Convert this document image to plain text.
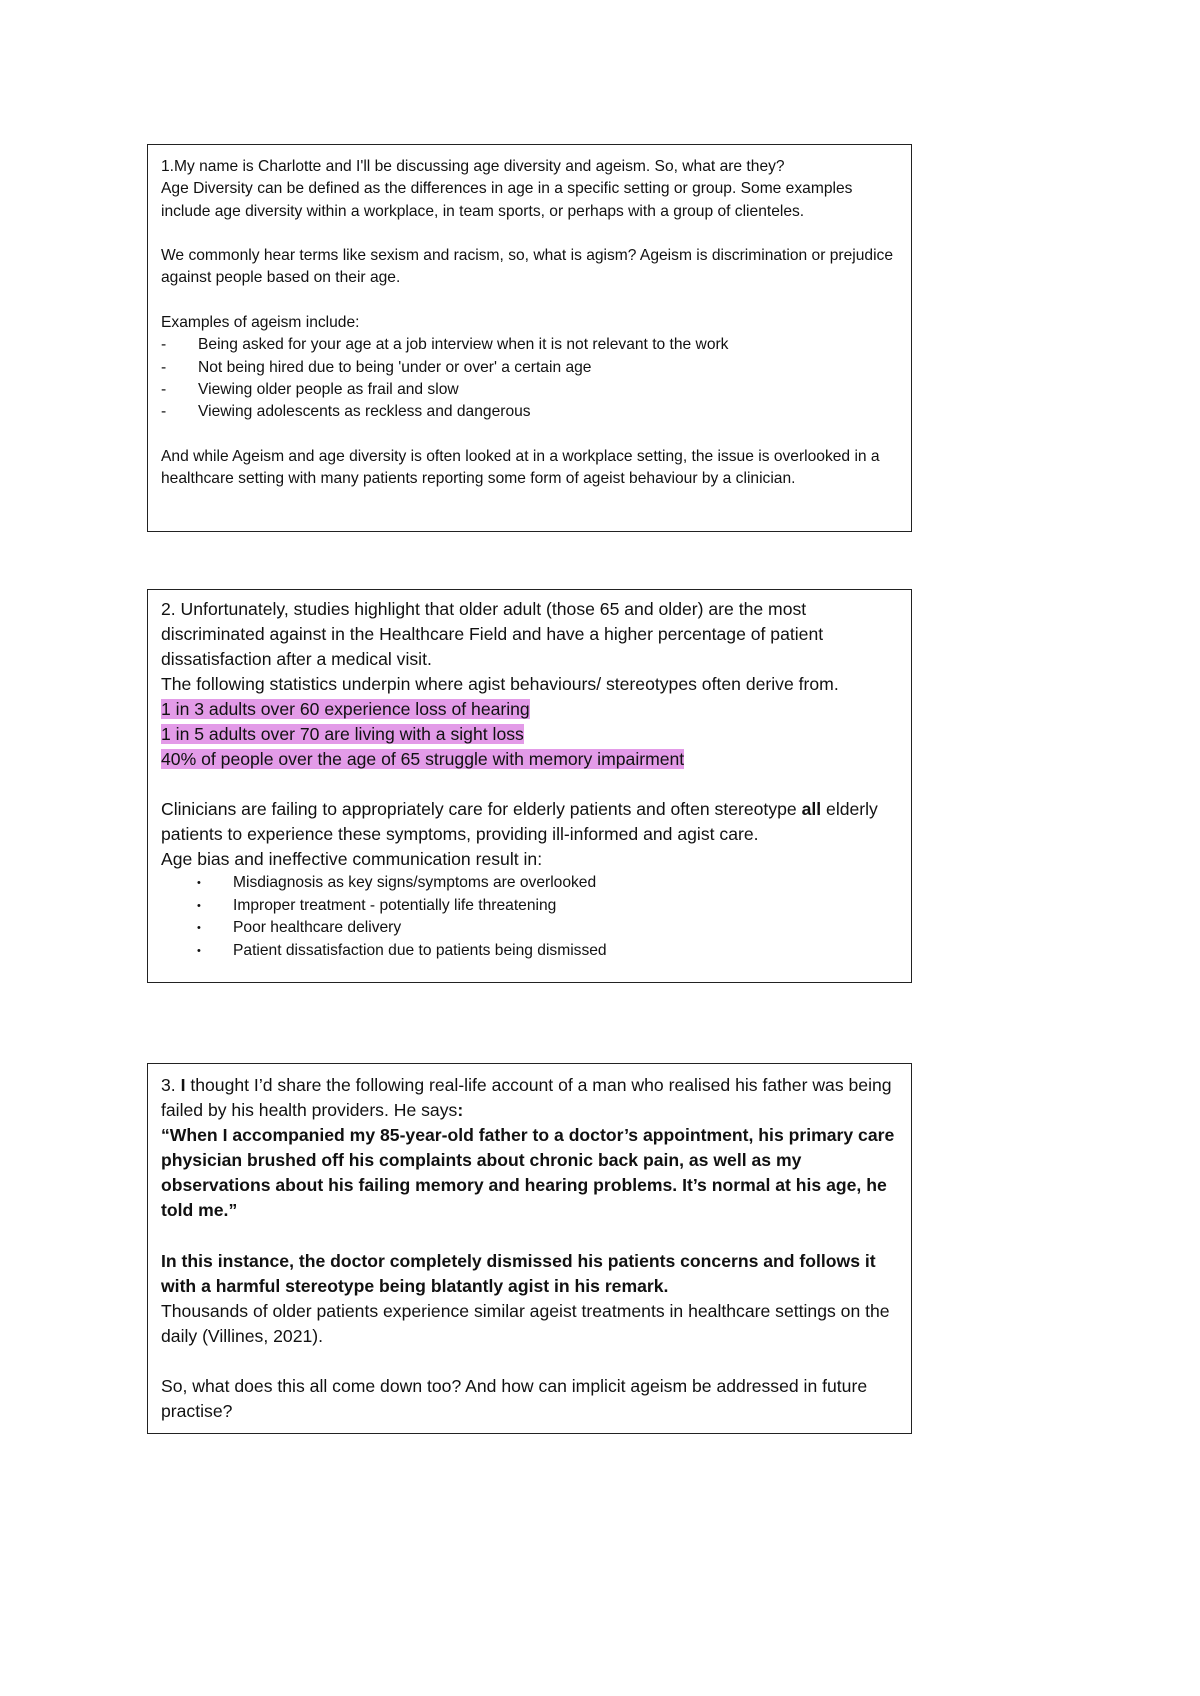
1.My name is Charlotte and I'll be discussing age diversity and ageism. So, what are they?

Age Diversity can be defined as the differences in age in a specific setting or group. Some examples include age diversity within a workplace, in team sports, or perhaps with a group of clienteles.

We commonly hear terms like sexism and racism, so, what is agism? Ageism is discrimination or prejudice against people based on their age.

Examples of ageism include:

- Being asked for your age at a job interview when it is not relevant to the work
- Not being hired due to being 'under or over' a certain age
- Viewing older people as frail and slow
- Viewing adolescents as reckless and dangerous

And while Ageism and age diversity is often looked at in a workplace setting, the issue is overlooked in a healthcare setting with many patients reporting some form of ageist behaviour by a clinician.

2. Unfortunately, studies highlight that older adult (those 65 and older) are the most discriminated against in the Healthcare Field and have a higher percentage of patient dissatisfaction after a medical visit.

The following statistics underpin where agist behaviours/ stereotypes often derive from.

1 in 3 adults over 60 experience loss of hearing

1 in 5 adults over 70 are living with a sight loss

40% of people over the age of 65 struggle with memory impairment

Clinicians are failing to appropriately care for elderly patients and often stereotype all elderly patients to experience these symptoms, providing ill-informed and agist care.

Age bias and ineffective communication result in:

• Misdiagnosis as key signs/symptoms are overlooked
• Improper treatment - potentially life threatening
• Poor healthcare delivery
• Patient dissatisfaction due to patients being dismissed

3. I thought I’d share the following real-life account of a man who realised his father was being failed by his health providers. He says:

“When I accompanied my 85-year-old father to a doctor’s appointment, his primary care physician brushed off his complaints about chronic back pain, as well as my observations about his failing memory and hearing problems. It’s normal at his age, he told me.”

In this instance, the doctor completely dismissed his patients concerns and follows it with a harmful stereotype being blatantly agist in his remark.

Thousands of older patients experience similar ageist treatments in healthcare settings on the daily (Villines, 2021).

So, what does this all come down too? And how can implicit ageism be addressed in future practise?
